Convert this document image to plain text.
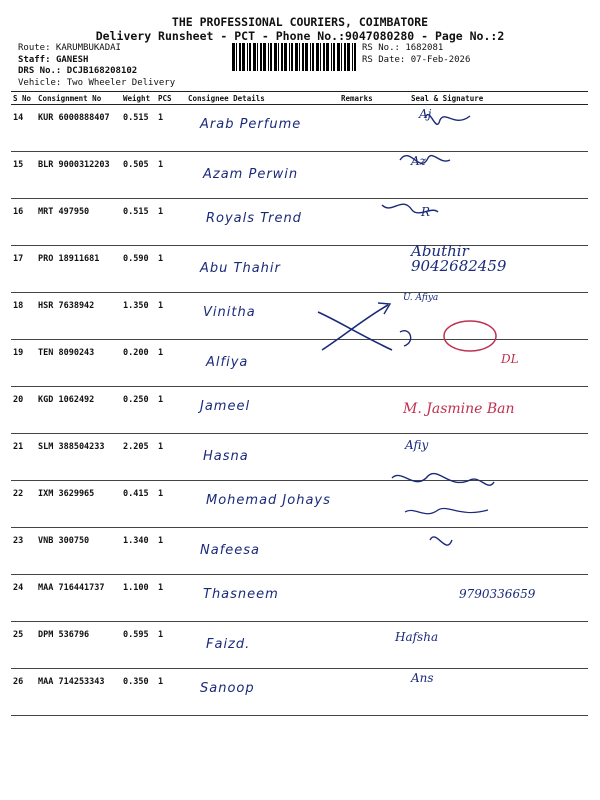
THE PROFESSIONAL COURIERS, COIMBATORE
Delivery Runsheet - PCT - Phone No.:9047080280 - Page No.:2
Route: KARUMBUKADAI
Staff: GANESH
DRS No.: DCJB168208102
Vehicle: Two Wheeler Delivery
RS No.: 1682081
RS Date: 07-Feb-2026
S No	Consignment No	Weight	PCS	Consignee Details	Remarks	Seal & Signature
14	KUR 6000888407	0.515	1	Arab Perfume		Aj

15	BLR 9000312203	0.505	1	Azam Perwin		Az

16	MRT 497950	0.515	1	Royals Trend		R

17	PRO 18911681	0.590	1	Abu Thahir		Abuthir 9042682459

18	HSR 7638942	1.350	1	Vinitha		U. Afiya

19	TEN 8090243	0.200	1	Alfiya		DL

20	KGD 1062492	0.250	1	Jameel		M. Jasmine Ban

21	SLM 388504233	2.205	1	Hasna		Afiy

22	IXM 3629965	0.415	1	Mohemad Johays		

23	VNB 300750	1.340	1	Nafeesa		

24	MAA 716441737	1.100	1	Thasneem		9790336659

25	DPM 536796	0.595	1	Faizd.		Hafsha

26	MAA 714253343	0.350	1	Sanoop		Ans
